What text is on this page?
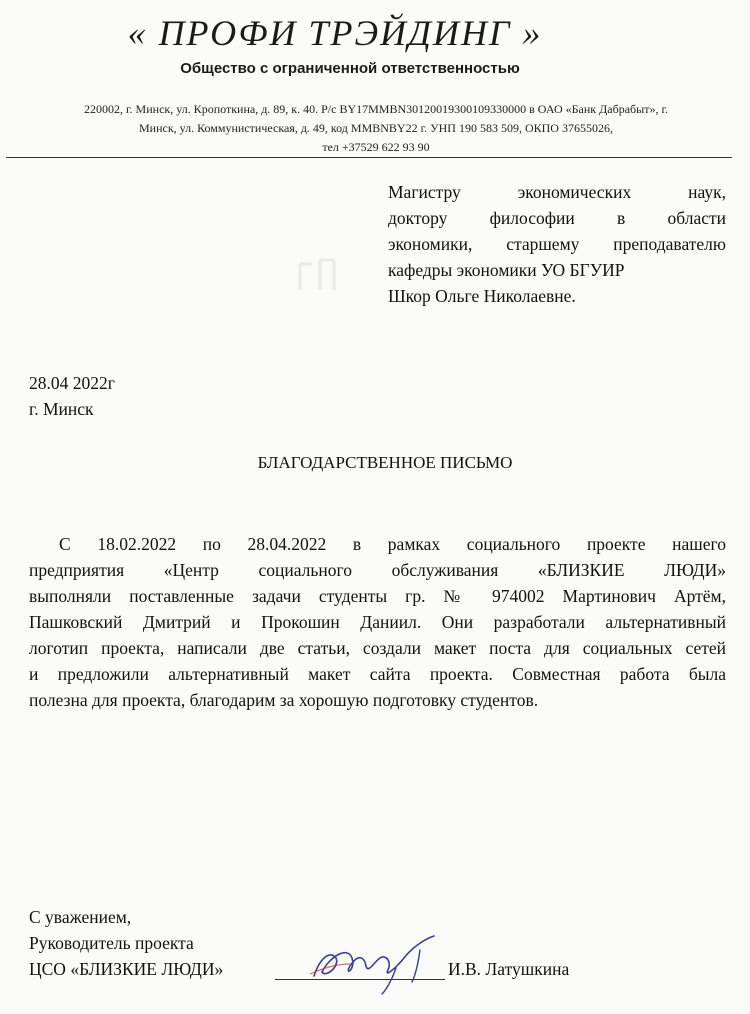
« ПРОФИ ТРЭЙДИНГ »
Общество с ограниченной ответственностью
220002, г. Минск, ул. Кропоткина, д. 89, к. 40. Р/с BY17MMBN30120019300109330000 в ОАО «Банк Дабрабыт», г.
Минск, ул. Коммунистическая, д. 49, код MMBNBY22 г. УНП 190 583 509, ОКПО 37655026,
тел +37529 622 93 90
Магистру экономических наук,
доктору философии в области
экономики, старшему преподавателю
кафедры экономики УО БГУИР
Шкор Ольге Николаевне.
28.04 2022г
г. Минск
БЛАГОДАРСТВЕННОЕ ПИСЬМО
С 18.02.2022 по 28.04.2022 в рамках социального проекте нашего
предприятия «Центр социального обслуживания «БЛИЗКИЕ ЛЮДИ»
выполняли поставленные задачи студенты гр. № 974002 Мартинович Артём,
Пашковский Дмитрий и Прокошин Даниил. Они разработали альтернативный
логотип проекта, написали две статьи, создали макет поста для социальных сетей
и предложили альтернативный макет сайта проекта. Совместная работа была
полезна для проекта, благодарим за хорошую подготовку студентов.
С уважением,
Руководитель проекта
ЦСО «БЛИЗКИЕ ЛЮДИ»	И.В. Латушкина
